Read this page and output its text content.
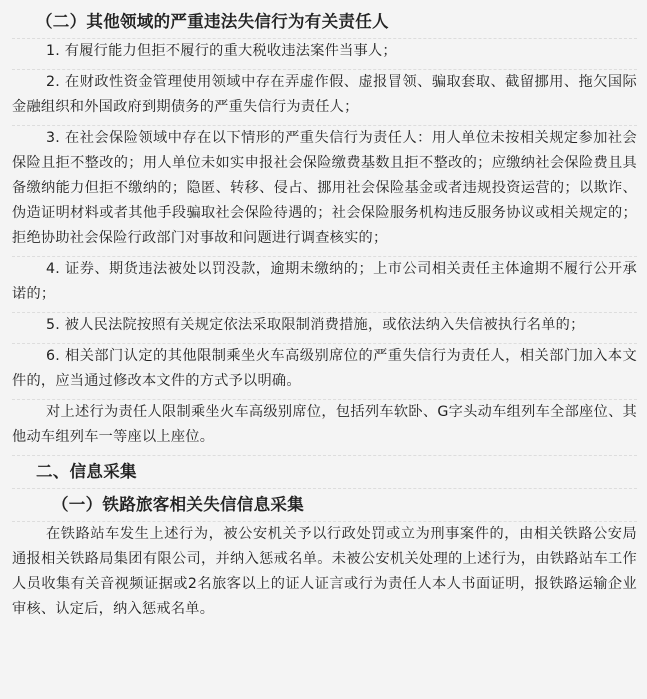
（二）其他领域的严重违法失信行为有关责任人

1. 有履行能力但拒不履行的重大税收违法案件当事人；

2. 在财政性资金管理使用领域中存在弄虚作假、虚报冒领、骗取套取、截留挪用、拖欠国际金融组织和外国政府到期债务的严重失信行为责任人；

3. 在社会保险领域中存在以下情形的严重失信行为责任人：用人单位未按相关规定参加社会保险且拒不整改的；用人单位未如实申报社会保险缴费基数且拒不整改的；应缴纳社会保险费且具备缴纳能力但拒不缴纳的；隐匿、转移、侵占、挪用社会保险基金或者违规投资运营的；以欺诈、伪造证明材料或者其他手段骗取社会保险待遇的；社会保险服务机构违反服务协议或相关规定的；拒绝协助社会保险行政部门对事故和问题进行调查核实的；

4. 证券、期货违法被处以罚没款，逾期未缴纳的；上市公司相关责任主体逾期不履行公开承诺的；

5. 被人民法院按照有关规定依法采取限制消费措施，或依法纳入失信被执行名单的；

6. 相关部门认定的其他限制乘坐火车高级别席位的严重失信行为责任人，相关部门加入本文件的，应当通过修改本文件的方式予以明确。

对上述行为责任人限制乘坐火车高级别席位，包括列车软卧、G字头动车组列车全部座位、其他动车组列车一等座以上座位。

二、信息采集
（一）铁路旅客相关失信信息采集

在铁路站车发生上述行为，被公安机关予以行政处罚或立为刑事案件的，由相关铁路公安局通报相关铁路局集团有限公司，并纳入惩戒名单。未被公安机关处理的上述行为，由铁路站车工作人员收集有关音视频证据或2名旅客以上的证人证言或行为责任人本人书面证明，报铁路运输企业审核、认定后，纳入惩戒名单。
